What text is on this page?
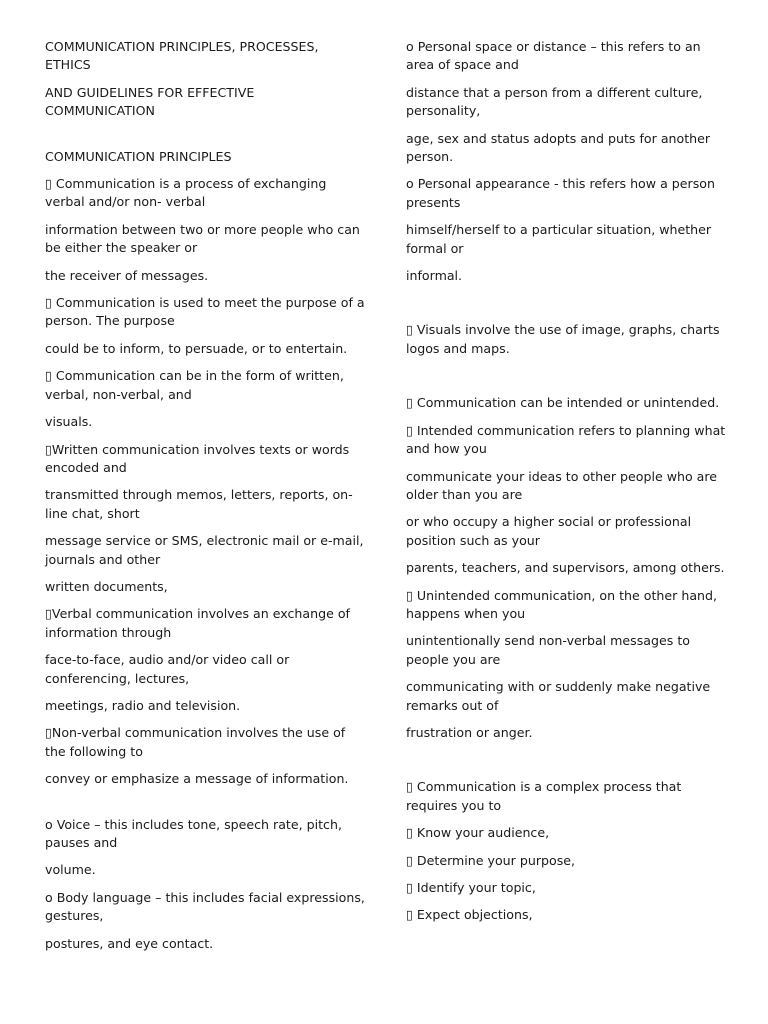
COMMUNICATION PRINCIPLES, PROCESSES, ETHICS

AND GUIDELINES FOR EFFECTIVE COMMUNICATION

COMMUNICATION PRINCIPLES

▯ Communication is a process of exchanging verbal and/or non- verbal

information between two or more people who can be either the speaker or

the receiver of messages.

▯ Communication is used to meet the purpose of a person. The purpose

could be to inform, to persuade, or to entertain.

▯ Communication can be in the form of written, verbal, non-verbal, and

visuals.

▯Written communication involves texts or words encoded and

transmitted through memos, letters, reports, on-line chat, short

message service or SMS, electronic mail or e-mail, journals and other

written documents,

▯Verbal communication involves an exchange of information through

face-to-face, audio and/or video call or conferencing, lectures,

meetings, radio and television.

▯Non-verbal communication involves the use of the following to

convey or emphasize a message of information.

o Voice – this includes tone, speech rate, pitch, pauses and

volume.

o Body language – this includes facial expressions, gestures,

postures, and eye contact.

o Personal space or distance – this refers to an area of space and

distance that a person from a different culture, personality,

age, sex and status adopts and puts for another person.

o Personal appearance - this refers how a person presents

himself/herself to a particular situation, whether formal or

informal.

▯ Visuals involve the use of image, graphs, charts logos and maps.

▯ Communication can be intended or unintended.

▯ Intended communication refers to planning what and how you

communicate your ideas to other people who are older than you are

or who occupy a higher social or professional position such as your

parents, teachers, and supervisors, among others.

▯ Unintended communication, on the other hand, happens when you

unintentionally send non-verbal messages to people you are

communicating with or suddenly make negative remarks out of

frustration or anger.

▯ Communication is a complex process that requires you to

▯ Know your audience,

▯ Determine your purpose,

▯ Identify your topic,

▯ Expect objections,
